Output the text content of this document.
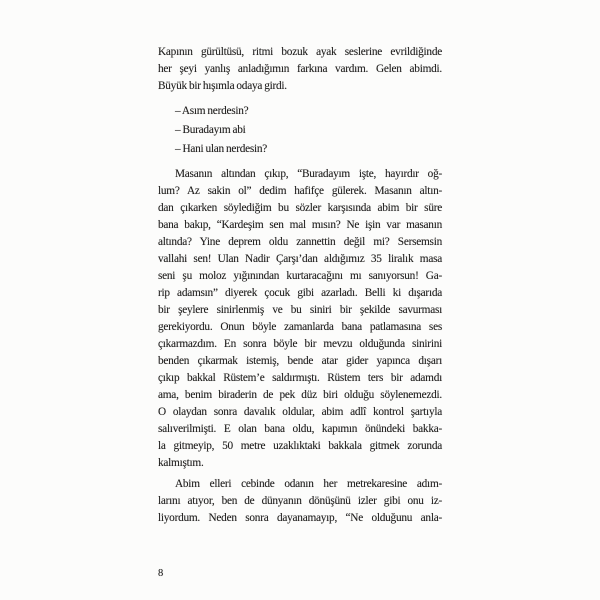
Kapının gürültüsü, ritmi bozuk ayak seslerine evrildiğinde
her şeyi yanlış anladığımın farkına vardım. Gelen abimdi.
Büyük bir hışımla odaya girdi.
– Asım nerdesin?
– Buradayım abi
– Hani ulan nerdesin?
Masanın altından çıkıp, “Buradayım işte, hayırdır oğ-
lum? Az sakin ol” dedim hafifçe gülerek. Masanın altın-
dan çıkarken söylediğim bu sözler karşısında abim bir süre
bana bakıp, “Kardeşim sen mal mısın? Ne işin var masanın
altında? Yine deprem oldu zannettin değil mi? Sersemsin
vallahi sen! Ulan Nadir Çarşı’dan aldığımız 35 liralık masa
seni şu moloz yığınından kurtaracağını mı sanıyorsun! Ga-
rip adamsın” diyerek çocuk gibi azarladı. Belli ki dışarıda
bir şeylere sinirlenmiş ve bu siniri bir şekilde savurması
gerekiyordu. Onun böyle zamanlarda bana patlamasına ses
çıkarmazdım. En sonra böyle bir mevzu olduğunda sinirini
benden çıkarmak istemiş, bende atar gider yapınca dışarı
çıkıp bakkal Rüstem’e saldırmıştı. Rüstem ters bir adamdı
ama, benim biraderin de pek düz biri olduğu söylenemezdi.
O olaydan sonra davalık oldular, abim adlî kontrol şartıyla
salıverilmişti. E olan bana oldu, kapımın önündeki bakka-
la gitmeyip, 50 metre uzaklıktaki bakkala gitmek zorunda
kalmıştım.
Abim elleri cebinde odanın her metrekaresine adım-
larını atıyor, ben de dünyanın dönüşünü izler gibi onu iz-
liyordum. Neden sonra dayanamayıp, “Ne olduğunu anla-
8
